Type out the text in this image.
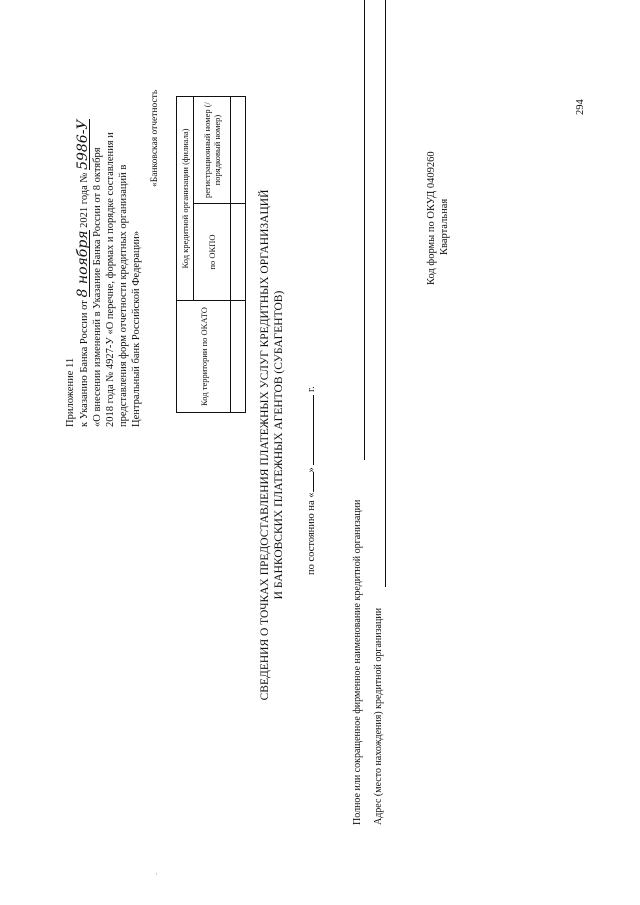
Приложение 11 к Указанию Банка России от 8 ноября 2021 года № 5986-У
«О внесении изменений в Указание Банка России от 8 октября 2018 года № 4927-У «О перечне, формах и порядке составления и представления форм отчетности кредитных организаций в Центральный банк Российской Федерации»
«Банковская отчетность
Код территории по ОКАТО	Код кредитной организации (филиала)	
	по ОКПО	регистрационный номер (/порядковый номер)

СВЕДЕНИЯ О ТОЧКАХ ПРЕДОСТАВЛЕНИЯ ПЛАТЕЖНЫХ УСЛУГ КРЕДИТНЫХ ОРГАНИЗАЦИЙ И БАНКОВСКИХ ПЛАТЕЖНЫХ АГЕНТОВ (СУБАГЕНТОВ) по состоянию на «»  г.
Полное или сокращенное фирменное наименование кредитной организации Адрес (место нахождения) кредитной организации
Код формы по ОКУД 0409260 Квартальная
294
.
